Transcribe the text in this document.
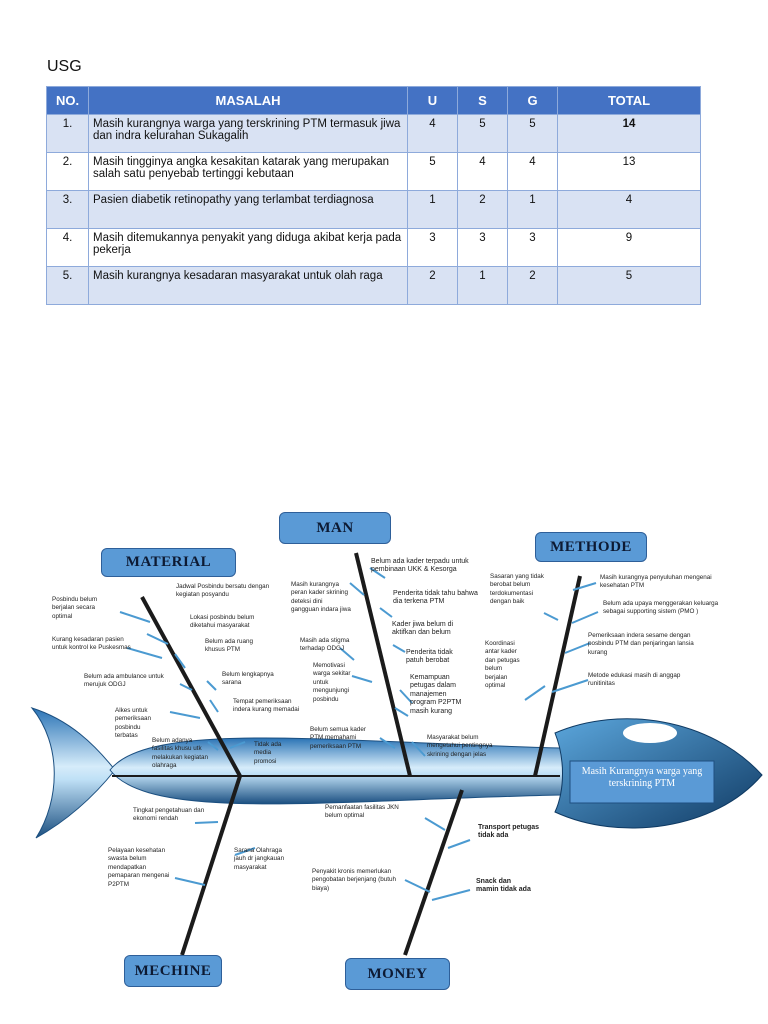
USG
NO.	MASALAH	U	S	G	TOTAL
1.	Masih kurangnya warga yang terskrining PTM termasuk jiwa dan indra kelurahan Sukagalih	4	5	5	14
2.	Masih tingginya angka kesakitan katarak yang merupakan salah satu penyebab tertinggi kebutaan	5	4	4	13
3.	Pasien diabetik retinopathy yang terlambat terdiagnosa	1	2	1	4
4.	Masih ditemukannya penyakit yang diduga akibat kerja pada pekerja	3	3	3	9
5.	Masih kurangnya kesadaran masyarakat untuk olah raga	2	1	2	5
MAN
MATERIAL
METHODE
MECHINE	MONEY
Masih Kurangnya warga yang terskrining PTM
Jadwal Posbindu bersatu dengan kegiatan posyandu
Posbindu belum berjalan secara optimal	Lokasi posbindu belum diketahui masyarakat
Belum ada ruang khusus PTM
Kurang kesadaran pasien untuk kontrol ke Puskesmas
Belum ada ambulance untuk merujuk ODGJ
Belum lengkapnya sarana
Tempat pemeriksaan indera kurang memadai
Alkes untuk pemeriksaan posbindu terbatas
Belum adanya fasilitas khusu utk melakukan kegiatan olahraga
Tidak ada media promosi
Masih kurangnya peran kader skrining deteksi dini gangguan indara jiwa
Belum ada kader terpadu untuk pembinaan UKK & Kesorga
Penderita tidak tahu bahwa dia terkena PTM
Kader jiwa belum di aktifkan dan belum
Masih ada stigma terhadap ODGJ
Penderita tidak patuh berobat
Memotivasi warga sekitar untuk mengunjungi posbindu
Kemampuan petugas dalam manajemen program P2PTM masih kurang
Belum semua kader PTM memahami pemeriksaan PTM
Masyarakat belum mengetahui pentingnya skrining dengan jelas
Sasaran yang tidak berobat belum terdokumentasi dengan baik
Masih kurangnya penyuluhan mengenai kesehatan PTM
Belum ada upaya menggerakan keluarga sebagai supporting sistem (PMO )
Pemeriksaan indera sesame dengan posbindu PTM dan penjaringan lansia kurang
Koordinasi antar kader dan petugas belum berjalan optimal
Metode edukasi masih di anggap runitinitas
Tingkat pengetahuan dan ekonomi rendah
Pelayaan kesehatan swasta belum mendapatkan pemaparan mengenai P2PTM
Sarana Olahraga jauh dr jangkauan masyarakat
Pemanfaatan fasilitas JKN belum optimal
Transport petugas tidak ada
Penyakit kronis memerlukan pengobatan berjenjang (butuh biaya)
Snack dan mamin tidak ada
